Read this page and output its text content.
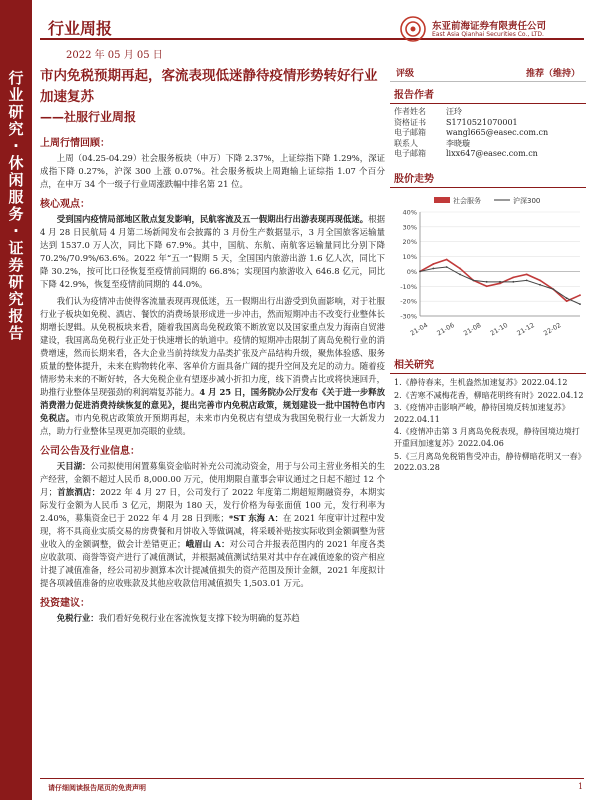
行
业
研
究
·
休
闲
服
务
·
证
券
研
究
报
告
行业周报
2022 年 05 月 05 日
东亚前海证券有限责任公司
East Asia Qianhai Securities Co., LTD.
市内免税预期再起，客流表现低迷静待疫情形势转好行业加速复苏
——社服行业周报
上周行情回顾：
上周（04.25-04.29）社会服务板块（申万）下降 2.37%，上证综指下降 1.29%，深证成指下降 0.27%，沪深 300 上涨 0.07%。社会服务板块上周跑输上证综指 1.07 个百分点，在申万 34 个一级子行业周涨跌幅中排名第 21 位。
核心观点：
受到国内疫情局部地区散点复发影响，民航客流及五一假期出行出游表现再现低迷。根据 4 月 28 日民航局 4 月第二场新闻发布会披露的 3 月份生产数据显示，3 月全国旅客运输量达到 1537.0 万人次，同比下降 67.9%。其中，国航、东航、南航客运输量同比分别下降 70.2%/70.9%/63.6%。2022 年“五一”假期 5 天，全国国内旅游出游 1.6 亿人次，同比下降 30.2%，按可比口径恢复至疫情前同期的 66.8%；实现国内旅游收入 646.8 亿元，同比下降 42.9%，恢复至疫情前同期的 44.0%。
我们认为疫情冲击使得客流量表现再现低迷，五一假期出行出游受到负面影响，对于社服行业子板块如免税、酒店、餐饮的消费场景形成进一步冲击，然而短期冲击不改变行业整体长期增长逻辑。从免税板块来看，随着我国离岛免税政策不断放宽以及国家重点发力海南自贸港建设，我国离岛免税行业正处于快速增长的轨道中。疫情的短期冲击限制了离岛免税行业的消费增速，然而长期来看，各大企业当前持续发力品类扩张及产品结构升级，聚焦体验感、服务质量的整体提升，未来在购物转化率、客单价方面具备广阔的提升空间及充足的动力。随着疫情形势未来的不断好转，各大免税企业有望逐步减小折扣力度，线下消费占比或将快速回升，助推行业整体呈现强劲的利润端复苏能力。4 月 25 日，国务院办公厅发布《关于进一步释放消费潜力促进消费持续恢复的意见》，提出完善市内免税店政策，规划建设一批中国特色市内免税店。市内免税店政策放开预期再起，未来市内免税店有望成为我国免税行业一大新发力点，助力行业整体呈现更加亮眼的业绩。
公司公告及行业信息：
天目湖：公司拟使用闲置募集资金临时补充公司流动资金，用于与公司主营业务相关的生产经营，金额不超过人民币 8,000.00 万元，使用期限自董事会审议通过之日起不超过 12 个月；首旅酒店：2022 年 4 月 27 日，公司发行了 2022 年度第二期超短期融资券，本期实际发行金额为人民币 3 亿元，期限为 180 天，发行价格为每张面值 100 元，发行利率为 2.40%，募集资金已于 2022 年 4 月 28 日到账；*ST 东海 A：在 2021 年度审计过程中发现，将不具商业实质交易的房费餐和月饼收入等做调减，将采暖补贴按实际收到金额调整为营业收入的金额调整，做会计差错更正；峨眉山 A：对公司合并报表范围内的 2021 年度各类应收款项、商誉等资产进行了减值测试，并根据减值测试结果对其中存在减值迹象的资产相应计提了减值准备，经公司初步测算本次计提减值损失的资产范围及预计金额，2021 年度拟计提各项减值准备的应收账款及其他应收款信用减值损失 1,503.01 万元。
投资建议：
免税行业：我们看好免税行业在客流恢复支撑下较为明确的复苏趋
评级	推荐（维持）
报告作者
作者姓名	汪玲
资格证书	S1710521070001
电子邮箱	wangl665@easec.com.cn
联系人	李晓璇
电子邮箱	lixx647@easec.com.cn
股价走势
社会服务	沪深300
40%
30%
20%
10%
0%
-10%
-20%
-30%
21-04 21-06 21-08 21-10 21-12 22-02
相关研究
1.《静待春来，生机盎然加速复苏》2022.04.12
2.《苦寒不减梅花香，柳暗花明终有时》2022.04.12
3.《疫情冲击影响严峻，静待国境反转加速复苏》2022.04.11
4.《疫情冲击第 3 月离岛免税表现，静待国境边境打开重回加速复苏》2022.04.06
5.《三月离岛免税销售受冲击，静待柳暗花明又一春》2022.03.28
请仔细阅读报告尾页的免责声明	1
